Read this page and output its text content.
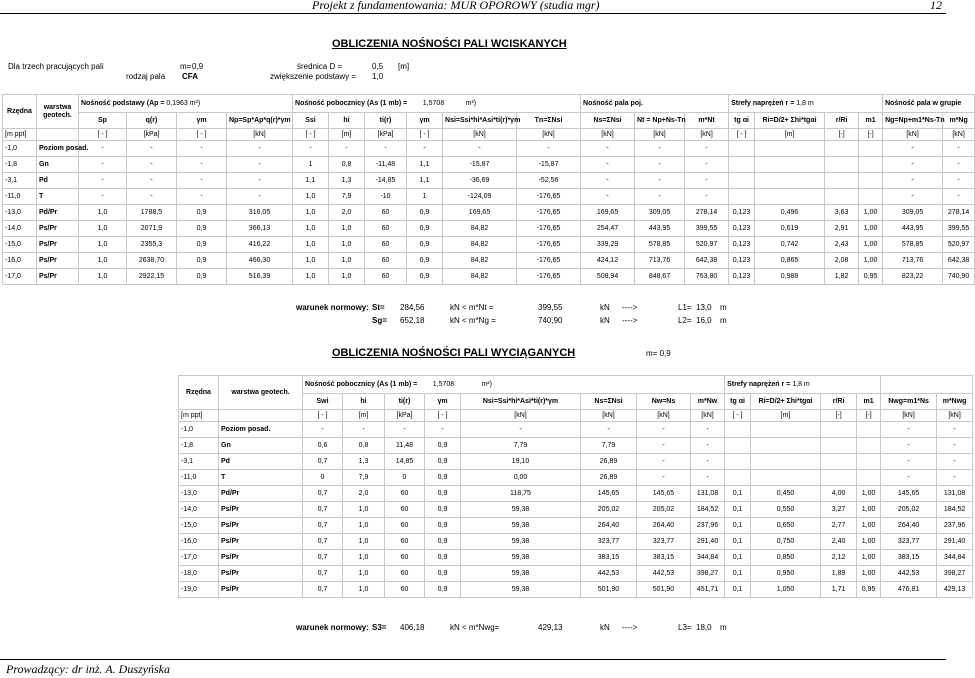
Projekt z fundamentowania: MUR OPOROWY (studia mgr)	12
OBLICZENIA NOŚNOŚCI PALI WCISKANYCH
Dla trzech pracujących pali	m= 0,9	średnica D =	0,5 [m]
rodzaj pala CFA	zwiększenie podstawy = 1,0
Rzędna	warstwa geotech.	Nośność podstawy (Ap = 0,1963 m²)				Nośność pobocznicy (As (1 mb) = 1,5708 m²)						Nośność pala poj.			Strefy naprężeń r = 1,8 m				Nośność pala w grupie	
		Sp	q(r)	γm	Np=Sp*Ap*q(r)*γm	Ssi	hi	ti(r)	γm	Nsi=Ssi*hi*Asi*ti(r)*γm	Tn=ΣNsi	Ns=ΣNsi	Nt = Np+Ns-Tn	m*Nt	tg αi	Ri=D/2+ Σhi*tgαi	r/Ri	m1	Ng=Np+m1*Ns-Tn	m*Ng
[m ppt]		[ - ]	[kPa]	[ - ]	[kN]	[ - ]	[m]	[kPa]	[ - ]	[kN]	[kN]	[kN]	[kN]	[kN]	[ - ]	[m]	[-]	[-]	[kN]	[kN]
-1,0	Poziom posad.	-	-	-	-	-	-	-	-	-	-	-	-	-					-	-
-1,8	Gn	-	-	-	-	1	0,8	-11,48	1,1	-15,87	-15,87	-	-	-					-	-
-3,1	Pd	-	-	-	-	1,1	1,3	-14,85	1,1	-36,69	-52,56	-	-	-					-	-
-11,0	T	-	-	-	-	1,0	7,9	-10	1	-124,09	-176,65	-	-	-					-	-
-13,0	Pd/Pr	1,0	1788,5	0,9	316,05	1,0	2,0	60	0,9	169,65	-176,65	169,65	309,05	278,14	0,123	0,496	3,63	1,00	309,05	278,14
-14,0	Ps/Pr	1,0	2071,9	0,9	366,13	1,0	1,0	60	0,9	84,82	-176,65	254,47	443,95	399,55	0,123	0,619	2,91	1,00	443,95	399,55
-15,0	Ps/Pr	1,0	2355,3	0,9	416,22	1,0	1,0	60	0,9	84,82	-176,65	339,29	578,85	520,97	0,123	0,742	2,43	1,00	578,85	520,97
-16,0	Ps/Pr	1,0	2638,70	0,9	466,30	1,0	1,0	60	0,9	84,82	-176,65	424,12	713,76	642,38	0,123	0,865	2,08	1,00	713,76	642,38
-17,0	Ps/Pr	1,0	2922,15	0,9	516,39	1,0	1,0	60	0,9	84,82	-176,65	508,94	848,67	763,80	0,123	0,988	1,82	0,95	823,22	740,90
warunek normowy: St= 284,56	kN < m*Nt =	399,55	kN ---->	L1= 13,0 m
Sg= 652,18	kN < m*Ng =	740,90	kN ---->	L2= 16,0 m
OBLICZENIA NOŚNOŚCI PALI WYCIĄGANYCH	m= 0,9
Rzędna	warstwa geotech.	Nośność pobocznicy (As (1 mb) = 1,5708 m²)								Strefy naprężeń r = 1,8 m					
		Swi	hi	ti(r)	γm	Nsi=Ssi*hi*Asi*ti(r)*γm	Ns=ΣNsi	Nw=Ns	m*Nw	tg αi	Ri=D/2+ Σhi*tgαi	r/Ri	m1	Nwg=m1*Ns	m*Nwg
[m ppt]		[ - ]	[m]	[kPa]	[ - ]	[kN]	[kN]	[kN]	[kN]	[ - ]	[m]	[-]	[-]	[kN]	[kN]
-1,0	Poziom posad.	-	-	-	-	-	-	-	-					-	-
-1,8	Gn	0,6	0,8	11,48	0,9	7,79	7,79	-	-					-	-
-3,1	Pd	0,7	1,3	14,85	0,9	19,10	26,89	-	-					-	-
-11,0	T	0	7,9	0	0,9	0,00	26,89	-	-					-	-
-13,0	Pd/Pr	0,7	2,0	60	0,9	118,75	145,65	145,65	131,08	0,1	0,450	4,00	1,00	145,65	131,08
-14,0	Ps/Pr	0,7	1,0	60	0,9	59,38	205,02	205,02	184,52	0,1	0,550	3,27	1,00	205,02	184,52
-15,0	Ps/Pr	0,7	1,0	60	0,9	59,38	264,40	264,40	237,96	0,1	0,650	2,77	1,00	264,40	237,96
-16,0	Ps/Pr	0,7	1,0	60	0,9	59,38	323,77	323,77	291,40	0,1	0,750	2,40	1,00	323,77	291,40
-17,0	Ps/Pr	0,7	1,0	60	0,9	59,38	383,15	383,15	344,84	0,1	0,850	2,12	1,00	383,15	344,84
-18,0	Ps/Pr	0,7	1,0	60	0,9	59,38	442,53	442,53	398,27	0,1	0,950	1,89	1,00	442,53	398,27
-19,0	Ps/Pr	0,7	1,0	60	0,9	59,38	501,90	501,90	451,71	0,1	1,050	1,71	0,95	476,81	429,13
warunek normowy: S3= 406,18	kN < m*Nwg=	429,13	kN ---->	L3= 18,0 m
Prowadzący: dr inż. A. Duszyńska
